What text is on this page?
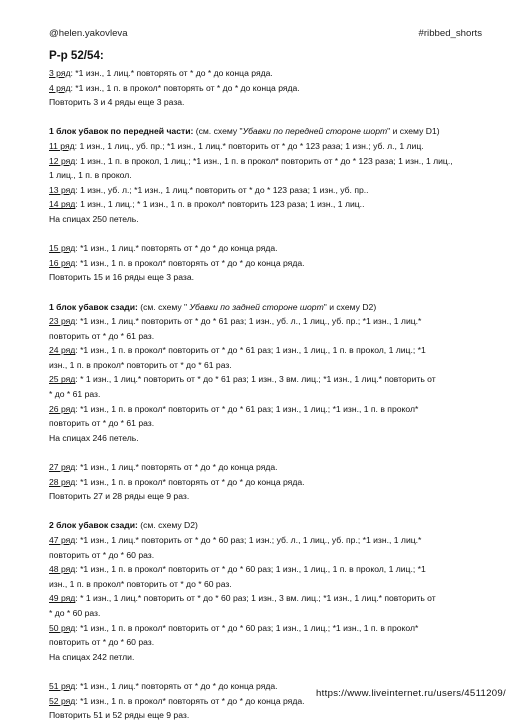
@helen.yakovleva	#ribbed_shorts
Р-р 52/54:
3 ряд: *1 изн., 1 лиц.* повторять от * до * до конца ряда.
4 ряд: *1 изн., 1 п. в прокол* повторять от * до * до конца ряда.
Повторить 3 и 4 ряды еще 3 раза.
1 блок убавок по передней части: (см. схему "Убавки по передней стороне шорт" и схему D1)
11 ряд: 1 изн., 1 лиц., уб. пр.; *1 изн., 1 лиц.* повторить от * до * 123 раза; 1 изн.; уб. л., 1 лиц.
12 ряд: 1 изн., 1 п. в прокол, 1 лиц.; *1 изн., 1 п. в прокол* повторить от * до * 123 раза; 1 изн., 1 лиц.,
1 лиц., 1 п. в прокол.
13 ряд: 1 изн., уб. л.; *1 изн., 1 лиц.* повторить от * до * 123 раза; 1 изн., уб. пр..
14 ряд: 1 изн., 1 лиц.; * 1 изн., 1 п. в прокол* повторить 123 раза; 1 изн., 1 лиц..
На спицах 250 петель.
15 ряд: *1 изн., 1 лиц.* повторять от * до * до конца ряда.
16 ряд: *1 изн., 1 п. в прокол* повторять от * до * до конца ряда.
Повторить 15 и 16 ряды еще 3 раза.
1 блок убавок сзади: (см. схему " Убавки по задней стороне шорт" и схему D2)
23 ряд: *1 изн., 1 лиц.* повторить от * до * 61 раз; 1 изн., уб. л., 1 лиц., уб. пр.; *1 изн., 1 лиц.*
повторить от * до * 61 раз.
24 ряд: *1 изн., 1 п. в прокол* повторить от * до * 61 раз; 1 изн., 1 лиц., 1 п. в прокол, 1 лиц.; *1
изн., 1 п. в прокол* повторить от * до * 61 раз.
25 ряд: * 1 изн., 1 лиц.* повторить от * до * 61 раз; 1 изн., 3 вм. лиц.; *1 изн., 1 лиц.* повторить от
* до * 61 раз.
26 ряд: *1 изн., 1 п. в прокол* повторить от * до * 61 раз; 1 изн., 1 лиц.; *1 изн., 1 п. в прокол*
повторить от * до * 61 раз.
На спицах 246 петель.
27 ряд: *1 изн., 1 лиц.* повторять от * до * до конца ряда.
28 ряд: *1 изн., 1 п. в прокол* повторять от * до * до конца ряда.
Повторить 27 и 28 ряды еще 9 раз.
2 блок убавок сзади: (см. схему D2)
47 ряд: *1 изн., 1 лиц.* повторить от * до * 60 раз; 1 изн.; уб. л., 1 лиц., уб. пр.; *1 изн., 1 лиц.*
повторить от * до * 60 раз.
48 ряд: *1 изн., 1 п. в прокол* повторить от * до * 60 раз; 1 изн., 1 лиц., 1 п. в прокол, 1 лиц.; *1
изн., 1 п. в прокол* повторить от * до * 60 раз.
49 ряд: * 1 изн., 1 лиц.* повторить от * до * 60 раз; 1 изн., 3 вм. лиц.; *1 изн., 1 лиц.* повторить от
* до * 60 раз.
50 ряд: *1 изн., 1 п. в прокол* повторить от * до * 60 раз; 1 изн., 1 лиц.; *1 изн., 1 п. в прокол*
повторить от * до * 60 раз.
На спицах 242 петли.
51 ряд: *1 изн., 1 лиц.* повторять от * до * до конца ряда.
52 ряд: *1 изн., 1 п. в прокол* повторять от * до * до конца ряда.
Повторить 51 и 52 ряды еще 9 раз.
https://www.liveinternet.ru/users/4511209/
